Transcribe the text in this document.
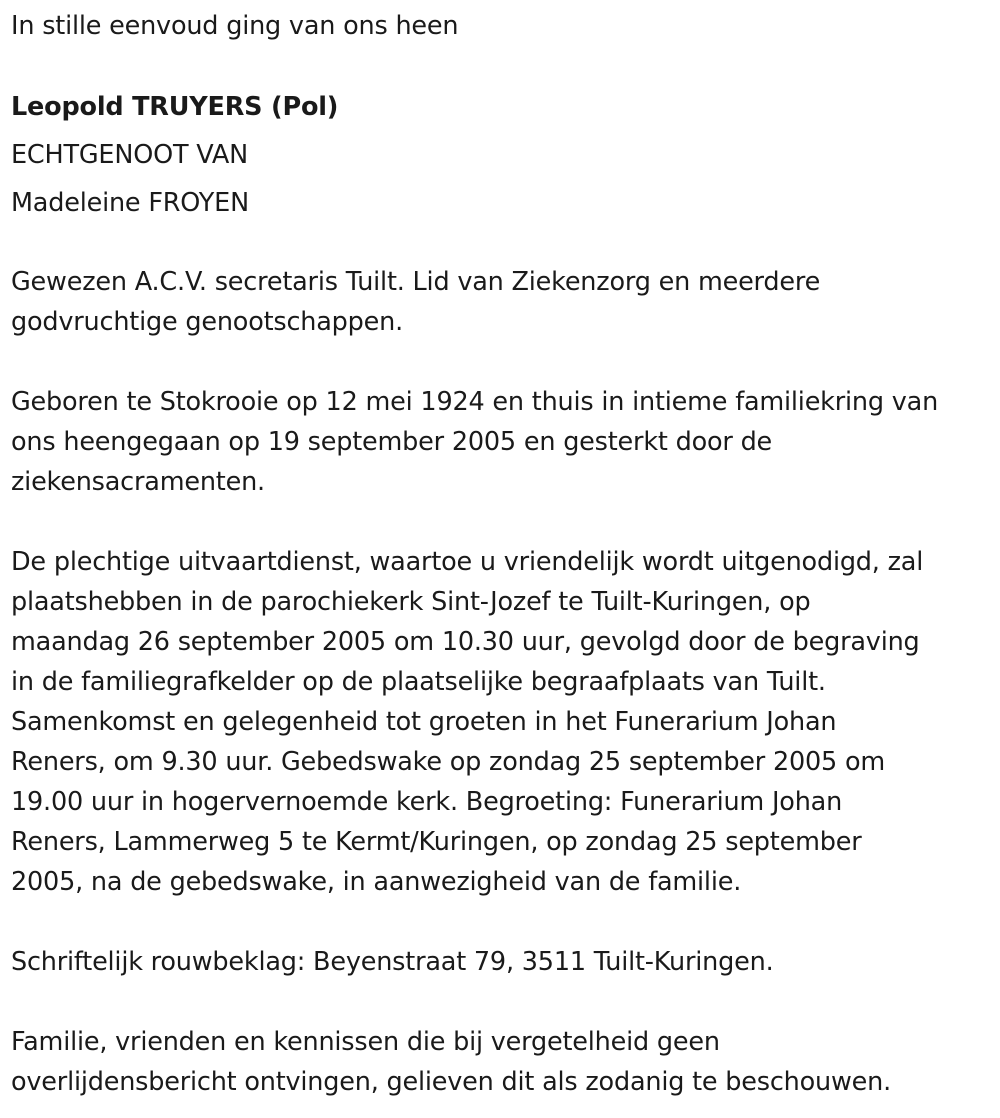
In stille eenvoud ging van ons heen
Leopold TRUYERS (Pol)
ECHTGENOOT VAN
Madeleine FROYEN
Gewezen A.C.V. secretaris Tuilt. Lid van Ziekenzorg en meerdere
godvruchtige genootschappen.
Geboren te Stokrooie op 12 mei 1924 en thuis in intieme familiekring van
ons heengegaan op 19 september 2005 en gesterkt door de
ziekensacramenten.
De plechtige uitvaartdienst, waartoe u vriendelijk wordt uitgenodigd, zal
plaatshebben in de parochiekerk Sint-Jozef te Tuilt-Kuringen, op
maandag 26 september 2005 om 10.30 uur, gevolgd door de begraving
in de familiegrafkelder op de plaatselijke begraafplaats van Tuilt.
Samenkomst en gelegenheid tot groeten in het Funerarium Johan
Reners, om 9.30 uur. Gebedswake op zondag 25 september 2005 om
19.00 uur in hogervernoemde kerk. Begroeting: Funerarium Johan
Reners, Lammerweg 5 te Kermt/Kuringen, op zondag 25 september
2005, na de gebedswake, in aanwezigheid van de familie.
Schriftelijk rouwbeklag: Beyenstraat 79, 3511 Tuilt-Kuringen.
Familie, vrienden en kennissen die bij vergetelheid geen
overlijdensbericht ontvingen, gelieven dit als zodanig te beschouwen.
